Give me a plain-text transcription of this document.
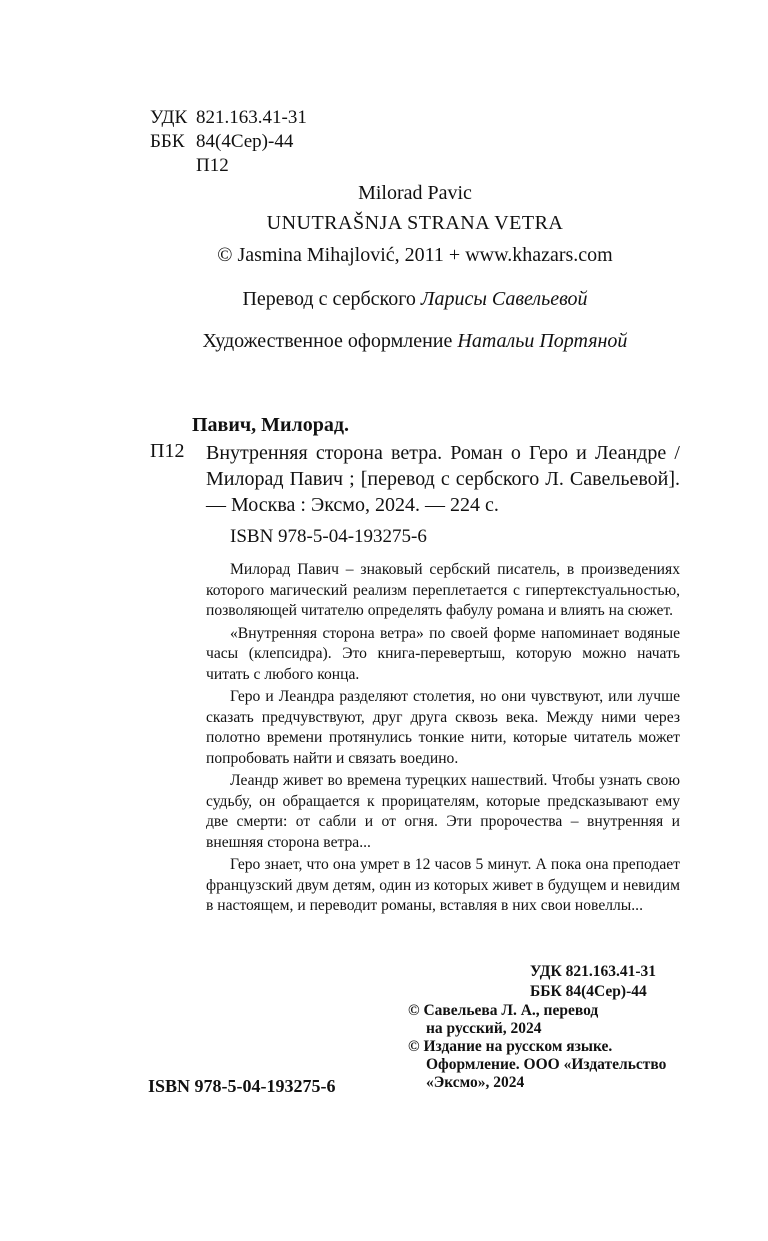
УДК 821.163.41-31
ББК 84(4Сер)-44
П12
Milorad Pavic
UNUTRAŠNJA STRANA VETRA
© Jasmina Mihajlović, 2011 + www.khazars.com
Перевод с сербского Ларисы Савельевой
Художественное оформление Натальи Портяной
Павич, Милорад.
П12 Внутренняя сторона ветра. Роман о Геро и Леандре / Милорад Павич ; [перевод с сербского Л. Савельевой]. — Москва : Эксмо, 2024. — 224 с.
ISBN 978-5-04-193275-6

Милорад Павич – знаковый сербский писатель, в произведениях которого магический реализм переплетается с гипертекстуальностью, позволяющей читателю определять фабулу романа и влиять на сюжет.

«Внутренняя сторона ветра» по своей форме напоминает водяные часы (клепсидра). Это книга-перевертыш, которую можно начать читать с любого конца.

Геро и Леандра разделяют столетия, но они чувствуют, или лучше сказать предчувствуют, друг друга сквозь века. Между ними через полотно времени протянулись тонкие нити, которые читатель может попробовать найти и связать воедино.

Леандр живет во времена турецких нашествий. Чтобы узнать свою судьбу, он обращается к прорицателям, которые предсказывают ему две смерти: от сабли и от огня. Эти пророчества – внутренняя и внешняя сторона ветра...

Геро знает, что она умрет в 12 часов 5 минут. А пока она преподает французский двум детям, один из которых живет в будущем и невидим в настоящем, и переводит романы, вставляя в них свои новеллы...

УДК 821.163.41-31
ББК 84(4Сер)-44
© Савельева Л. А., перевод
на русский, 2024
© Издание на русском языке.
Оформление. ООО «Издательство
«Эксмо», 2024
ISBN 978-5-04-193275-6
